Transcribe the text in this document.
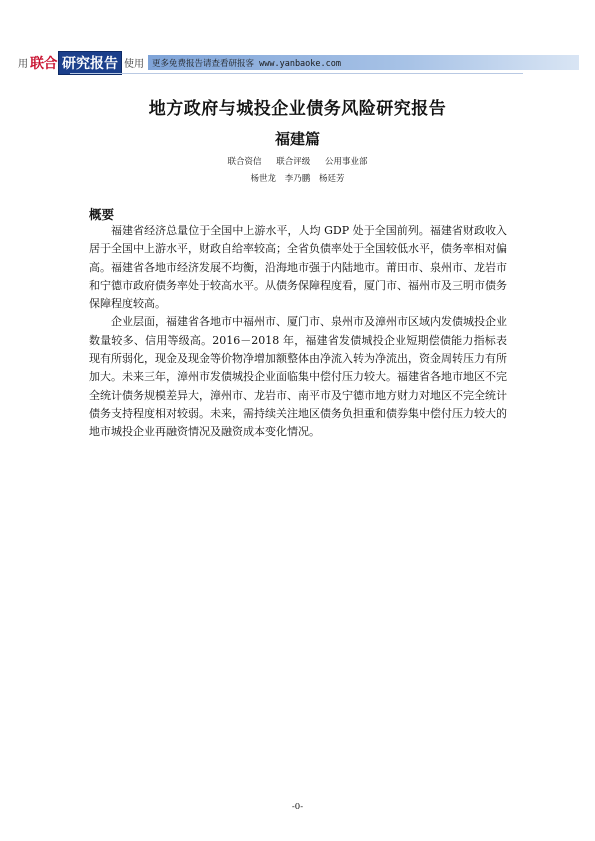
用 联合 研究报告 使用 更多免费报告请查看研报客 www.yanbaoke.com
地方政府与城投企业债务风险研究报告
福建篇
联合资信 联合评级 公用事业部
杨世龙 李乃鹏 杨廷芳
概要

福建省经济总量位于全国中上游水平，人均 GDP 处于全国前列。福建省财政收入居于全国中上游水平，财政自给率较高；全省负债率处于全国较低水平，债务率相对偏高。福建省各地市经济发展不均衡，沿海地市强于内陆地市。莆田市、泉州市、龙岩市和宁德市政府债务率处于较高水平。从债务保障程度看，厦门市、福州市及三明市债务保障程度较高。

企业层面，福建省各地市中福州市、厦门市、泉州市及漳州市区域内发债城投企业数量较多、信用等级高。2016－2018 年，福建省发债城投企业短期偿债能力指标表现有所弱化，现金及现金等价物净增加额整体由净流入转为净流出，资金周转压力有所加大。未来三年，漳州市发债城投企业面临集中偿付压力较大。福建省各地市地区不完全统计债务规模差异大，漳州市、龙岩市、南平市及宁德市地方财力对地区不完全统计债务支持程度相对较弱。未来，需持续关注地区债务负担重和债券集中偿付压力较大的地市城投企业再融资情况及融资成本变化情况。

-0-
